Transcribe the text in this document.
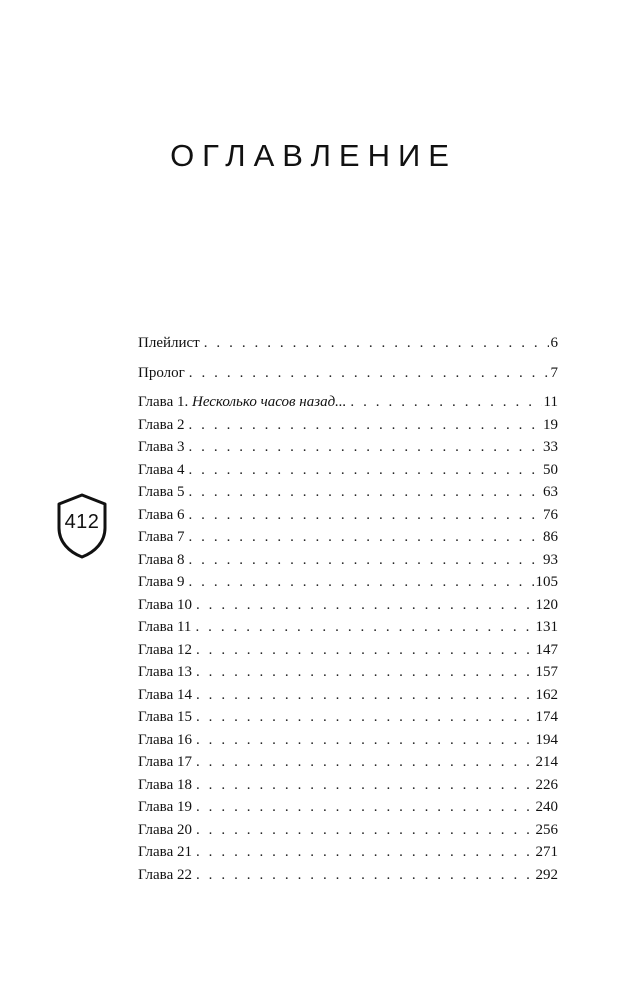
ОГЛАВЛЕНИЕ
412
Плейлист . . .	6
Пролог . . .	7
Глава 1. Несколько часов назад... . . .	11
Глава 2 . . .	19
Глава 3 . . .	33
Глава 4 . . .	50
Глава 5 . . .	63
Глава 6 . . .	76
Глава 7 . . .	86
Глава 8 . . .	93
Глава 9 . . .	105
Глава 10 . . .	120
Глава 11 . . .	131
Глава 12 . . .	147
Глава 13 . . .	157
Глава 14 . . .	162
Глава 15 . . .	174
Глава 16 . . .	194
Глава 17 . . .	214
Глава 18 . . .	226
Глава 19 . . .	240
Глава 20 . . .	256
Глава 21 . . .	271
Глава 22 . . .	292
